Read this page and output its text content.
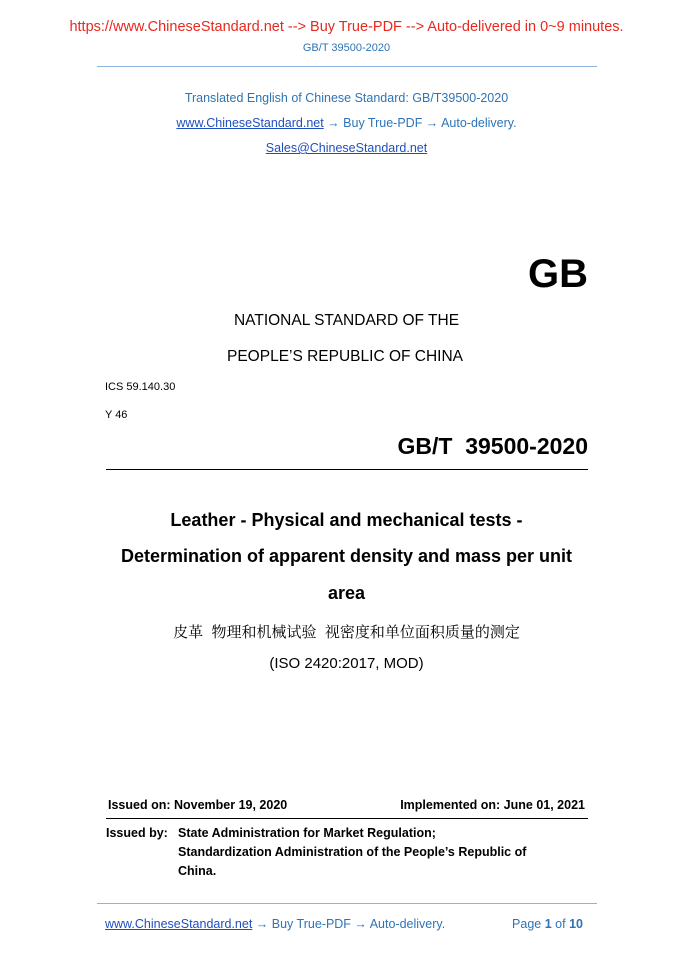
https://www.ChineseStandard.net --> Buy True-PDF --> Auto-delivered in 0~9 minutes.
GB/T 39500-2020
Translated English of Chinese Standard: GB/T39500-2020
www.ChineseStandard.net → Buy True-PDF → Auto-delivery.
Sales@ChineseStandard.net
GB
NATIONAL STANDARD OF THE
PEOPLE’S REPUBLIC OF CHINA
ICS 59.140.30
Y 46
GB/T  39500-2020
Leather - Physical and mechanical tests -
Determination of apparent density and mass per unit
area
皮革  物理和机械试验  视密度和单位面积质量的测定
(ISO 2420:2017, MOD)
Issued on: November 19, 2020	Implemented on: June 01, 2021
Issued by: State Administration for Market Regulation;
Standardization Administration of the People’s Republic of
China.
www.ChineseStandard.net → Buy True-PDF → Auto-delivery.	Page 1 of 10
